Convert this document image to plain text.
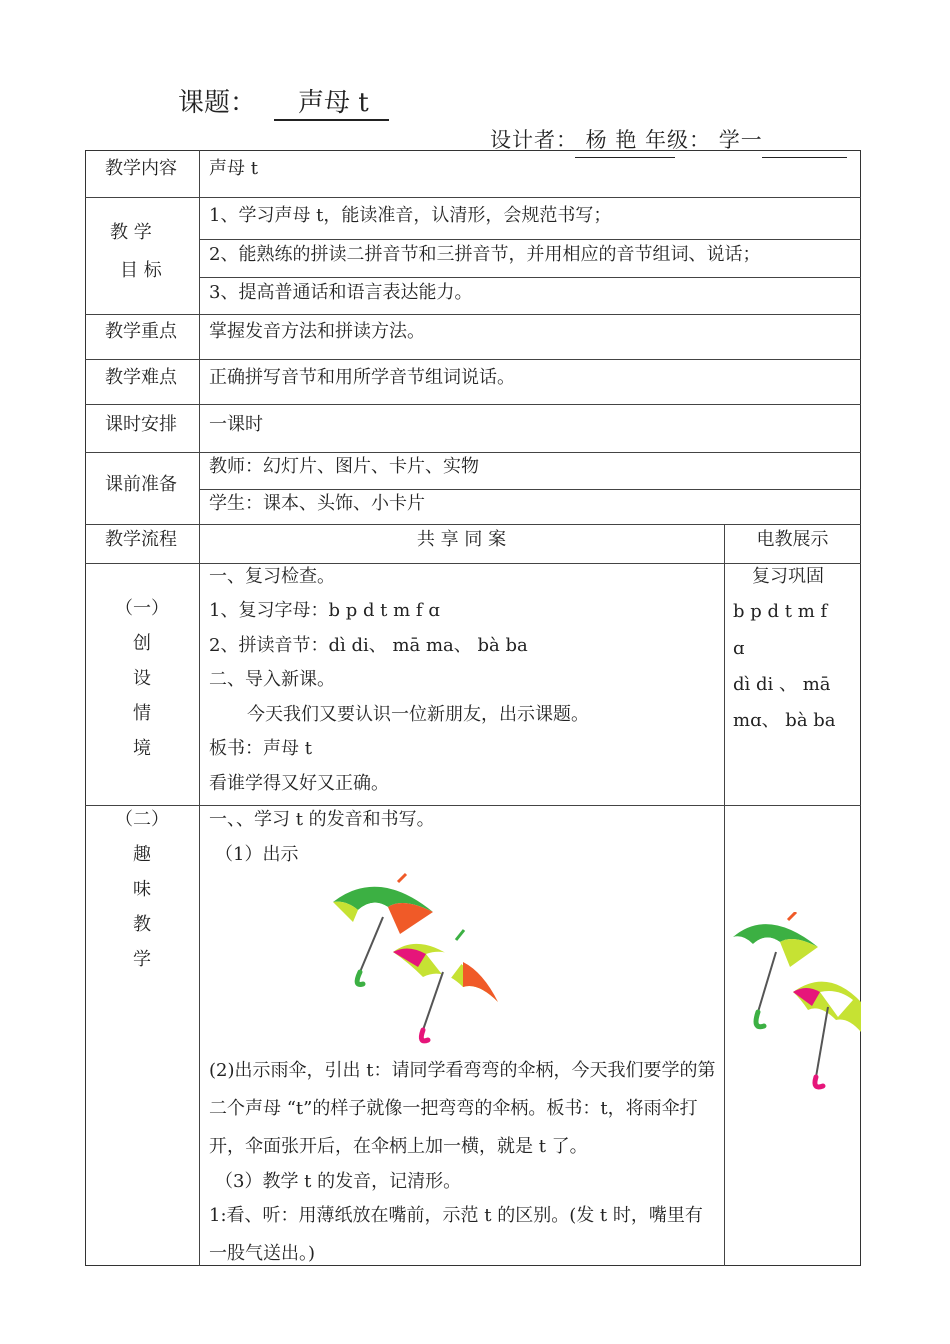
课题： 声母 t
设计者： 杨 艳 年级： 学一
教学内容 声母 t
教 学
目 标
1、学习声母 t，能读准音，认清形，会规范书写；
2、能熟练的拼读二拼音节和三拼音节，并用相应的音节组词、说话；
3、提高普通话和语言表达能力。
教学重点 掌握发音方法和拼读方法。
教学难点 正确拼写音节和用所学音节组词说话。
课时安排 一课时
课前准备
教师：幻灯片、图片、卡片、实物
学生：课本、头饰、小卡片
教学流程	共 享 同 案	电教展示
（一）
创
设
情
境
一、复习检查。
1、复习字母：b p d t m f ɑ
2、拼读音节：dì di、 mā ma、 bà ba
二、导入新课。
今天我们又要认识一位新朋友，出示课题。
板书：声母 t
看谁学得又好又正确。
复习巩固
b p d t m f
ɑ
dì di 、 mā
mɑ、 bà ba
（二）
趣
味
教
学
一、、学习 t 的发音和书写。
（1）出示
(2)出示雨伞，引出 t：请同学看弯弯的伞柄，今天我们要学的第二个声母 “t”的样子就像一把弯弯的伞柄。板书：t，将雨伞打开，伞面张开后，在伞柄上加一横，就是 t 了。
（3）教学 t 的发音，记清形。
1:看、听：用薄纸放在嘴前，示范 t 的区别。(发 t 时，嘴里有一股气送出。)
